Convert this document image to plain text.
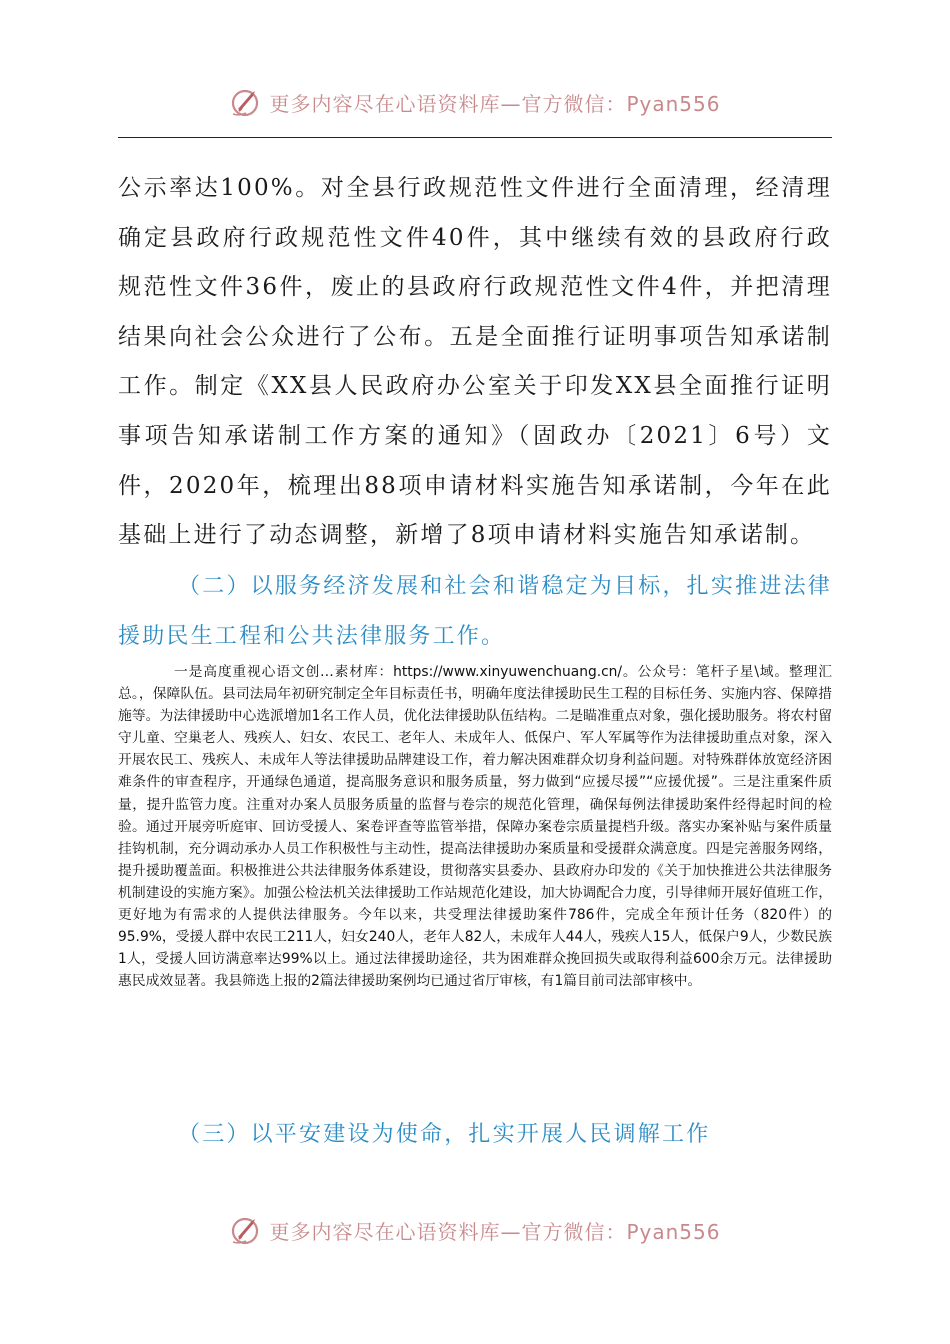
更多内容尽在心语资料库—官方微信：Pyan556

公示率达100%。对全县行政规范性文件进行全面清理，经清理确定县政府行政规范性文件40件，其中继续有效的县政府行政规范性文件36件，废止的县政府行政规范性文件4件，并把清理结果向社会公众进行了公布。五是全面推行证明事项告知承诺制工作。制定《XX县人民政府办公室关于印发XX县全面推行证明事项告知承诺制工作方案的通知》（固政办〔2021〕6号）文件，2020年，梳理出88项申请材料实施告知承诺制，今年在此基础上进行了动态调整，新增了8项申请材料实施告知承诺制。

（二）以服务经济发展和社会和谐稳定为目标，扎实推进法律援助民生工程和公共法律服务工作。

一是高度重视心语文创…素材库：https://www.xinyuwenchuang.cn/。公众号：笔杆子星\域。整理汇总。，保障队伍。县司法局年初研究制定全年目标责任书，明确年度法律援助民生工程的目标任务、实施内容、保障措施等。为法律援助中心选派增加1名工作人员，优化法律援助队伍结构。二是瞄准重点对象，强化援助服务。将农村留守儿童、空巢老人、残疾人、妇女、农民工、老年人、未成年人、低保户、军人军属等作为法律援助重点对象，深入开展农民工、残疾人、未成年人等法律援助品牌建设工作，着力解决困难群众切身利益问题。对特殊群体放宽经济困难条件的审查程序，开通绿色通道，提高服务意识和服务质量，努力做到“应援尽援”“应援优援”。三是注重案件质量，提升监管力度。注重对办案人员服务质量的监督与卷宗的规范化管理，确保每例法律援助案件经得起时间的检验。通过开展旁听庭审、回访受援人、案卷评查等监管举措，保障办案卷宗质量提档升级。落实办案补贴与案件质量挂钩机制，充分调动承办人员工作积极性与主动性，提高法律援助办案质量和受援群众满意度。四是完善服务网络，提升援助覆盖面。积极推进公共法律服务体系建设，贯彻落实县委办、县政府办印发的《关于加快推进公共法律服务机制建设的实施方案》。加强公检法机关法律援助工作站规范化建设，加大协调配合力度，引导律师开展好值班工作，更好地为有需求的人提供法律服务。今年以来，共受理法律援助案件786件，完成全年预计任务（820件）的95.9%，受援人群中农民工211人，妇女240人，老年人82人，未成年人44人，残疾人15人，低保户9人，少数民族1人，受援人回访满意率达99%以上。通过法律援助途径，共为困难群众挽回损失或取得利益600余万元。法律援助惠民成效显著。我县筛选上报的2篇法律援助案例均已通过省厅审核，有1篇目前司法部审核中。

（三）以平安建设为使命，扎实开展人民调解工作

更多内容尽在心语资料库—官方微信：Pyan556
